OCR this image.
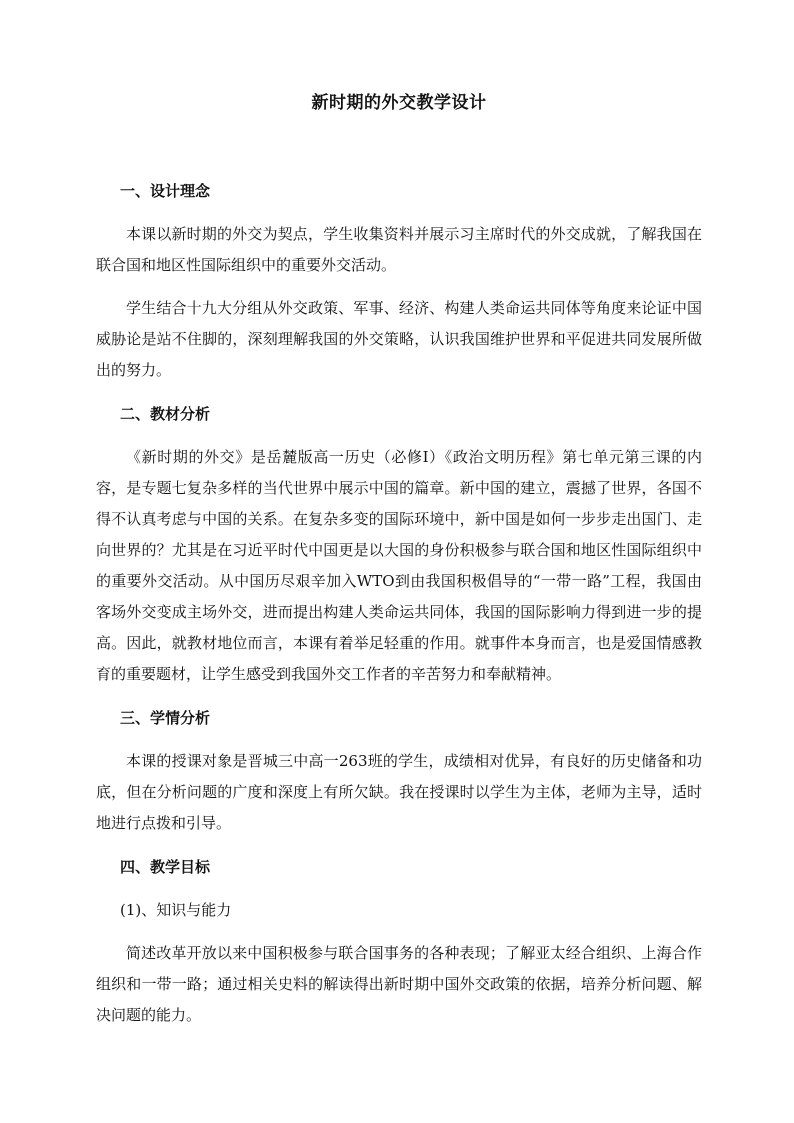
新时期的外交教学设计
一、设计理念

本课以新时期的外交为契点，学生收集资料并展示习主席时代的外交成就，了解我国在联合国和地区性国际组织中的重要外交活动。

学生结合十九大分组从外交政策、军事、经济、构建人类命运共同体等角度来论证中国威胁论是站不住脚的，深刻理解我国的外交策略，认识我国维护世界和平促进共同发展所做出的努力。

二、教材分析

《新时期的外交》是岳麓版高一历史（必修Ⅰ）《政治文明历程》第七单元第三课的内容，是专题七复杂多样的当代世界中展示中国的篇章。新中国的建立，震撼了世界，各国不得不认真考虑与中国的关系。在复杂多变的国际环境中，新中国是如何一步步走出国门、走向世界的？尤其是在习近平时代中国更是以大国的身份积极参与联合国和地区性国际组织中的重要外交活动。从中国历尽艰辛加入WTO到由我国积极倡导的“一带一路”工程，我国由客场外交变成主场外交，进而提出构建人类命运共同体，我国的国际影响力得到进一步的提高。因此，就教材地位而言，本课有着举足轻重的作用。就事件本身而言，也是爱国情感教育的重要题材，让学生感受到我国外交工作者的辛苦努力和奉献精神。

三、学情分析

本课的授课对象是晋城三中高一263班的学生，成绩相对优异，有良好的历史储备和功底，但在分析问题的广度和深度上有所欠缺。我在授课时以学生为主体，老师为主导，适时地进行点拨和引导。

四、教学目标

(1)、知识与能力

简述改革开放以来中国积极参与联合国事务的各种表现；了解亚太经合组织、上海合作组织和一带一路；通过相关史料的解读得出新时期中国外交政策的依据，培养分析问题、解决问题的能力。
